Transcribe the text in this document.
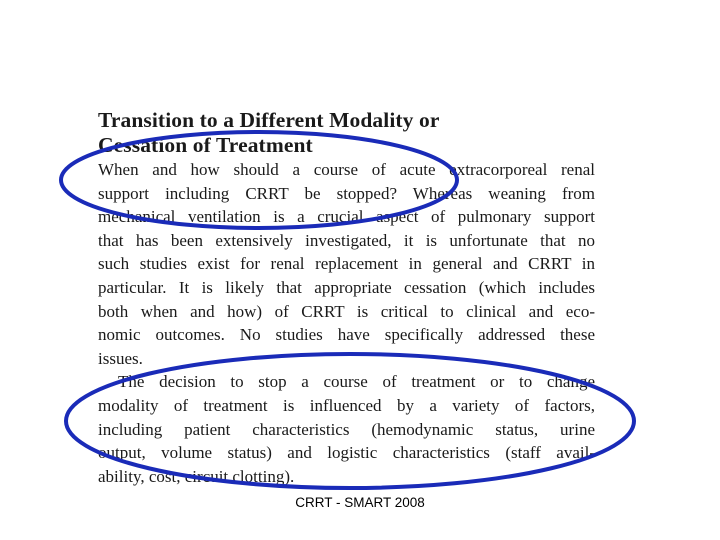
Transition to a Different Modality or
Cessation of Treatment

When and how should a course of acute extracorporeal renal
support including CRRT be stopped? Whereas weaning from
mechanical ventilation is a crucial aspect of pulmonary support
that has been extensively investigated, it is unfortunate that no
such studies exist for renal replacement in general and CRRT in
particular. It is likely that appropriate cessation (which includes
both when and how) of CRRT is critical to clinical and eco-
nomic outcomes. No studies have specifically addressed these
issues.

The decision to stop a course of treatment or to change
modality of treatment is influenced by a variety of factors,
including patient characteristics (hemodynamic status, urine
output, volume status) and logistic characteristics (staff avail-
ability, cost, circuit clotting).

CRRT - SMART 2008
